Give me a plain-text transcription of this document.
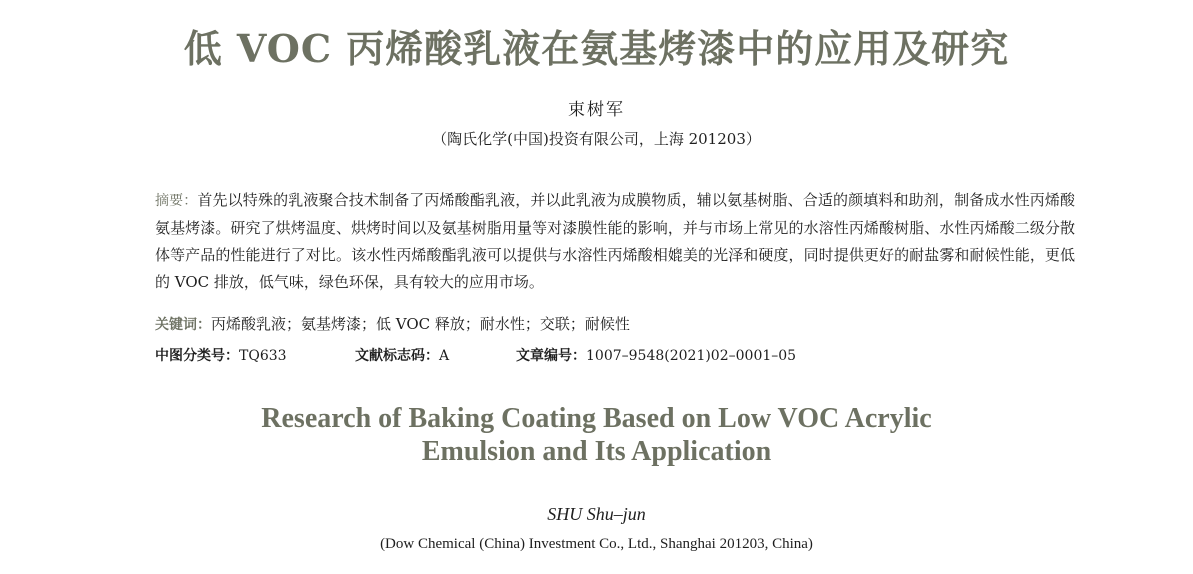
低 VOC 丙烯酸乳液在氨基烤漆中的应用及研究
束树军
（陶氏化学(中国)投资有限公司，上海 201203）
摘要：首先以特殊的乳液聚合技术制备了丙烯酸酯乳液，并以此乳液为成膜物质，辅以氨基树脂、合适的颜填料和助剂，制备成水性丙烯酸氨基烤漆。研究了烘烤温度、烘烤时间以及氨基树脂用量等对漆膜性能的影响，并与市场上常见的水溶性丙烯酸树脂、水性丙烯酸二级分散体等产品的性能进行了对比。该水性丙烯酸酯乳液可以提供与水溶性丙烯酸相媲美的光泽和硬度，同时提供更好的耐盐雾和耐候性能，更低的 VOC 排放，低气味，绿色环保，具有较大的应用市场。
关键词：丙烯酸乳液；氨基烤漆；低 VOC 释放；耐水性；交联；耐候性
中图分类号：TQ633	文献标志码：A	文章编号：1007–9548(2021)02–0001–05
Research of Baking Coating Based on Low VOC Acrylic
Emulsion and Its Application
SHU Shu–jun
(Dow Chemical (China) Investment Co., Ltd., Shanghai 201203, China)
